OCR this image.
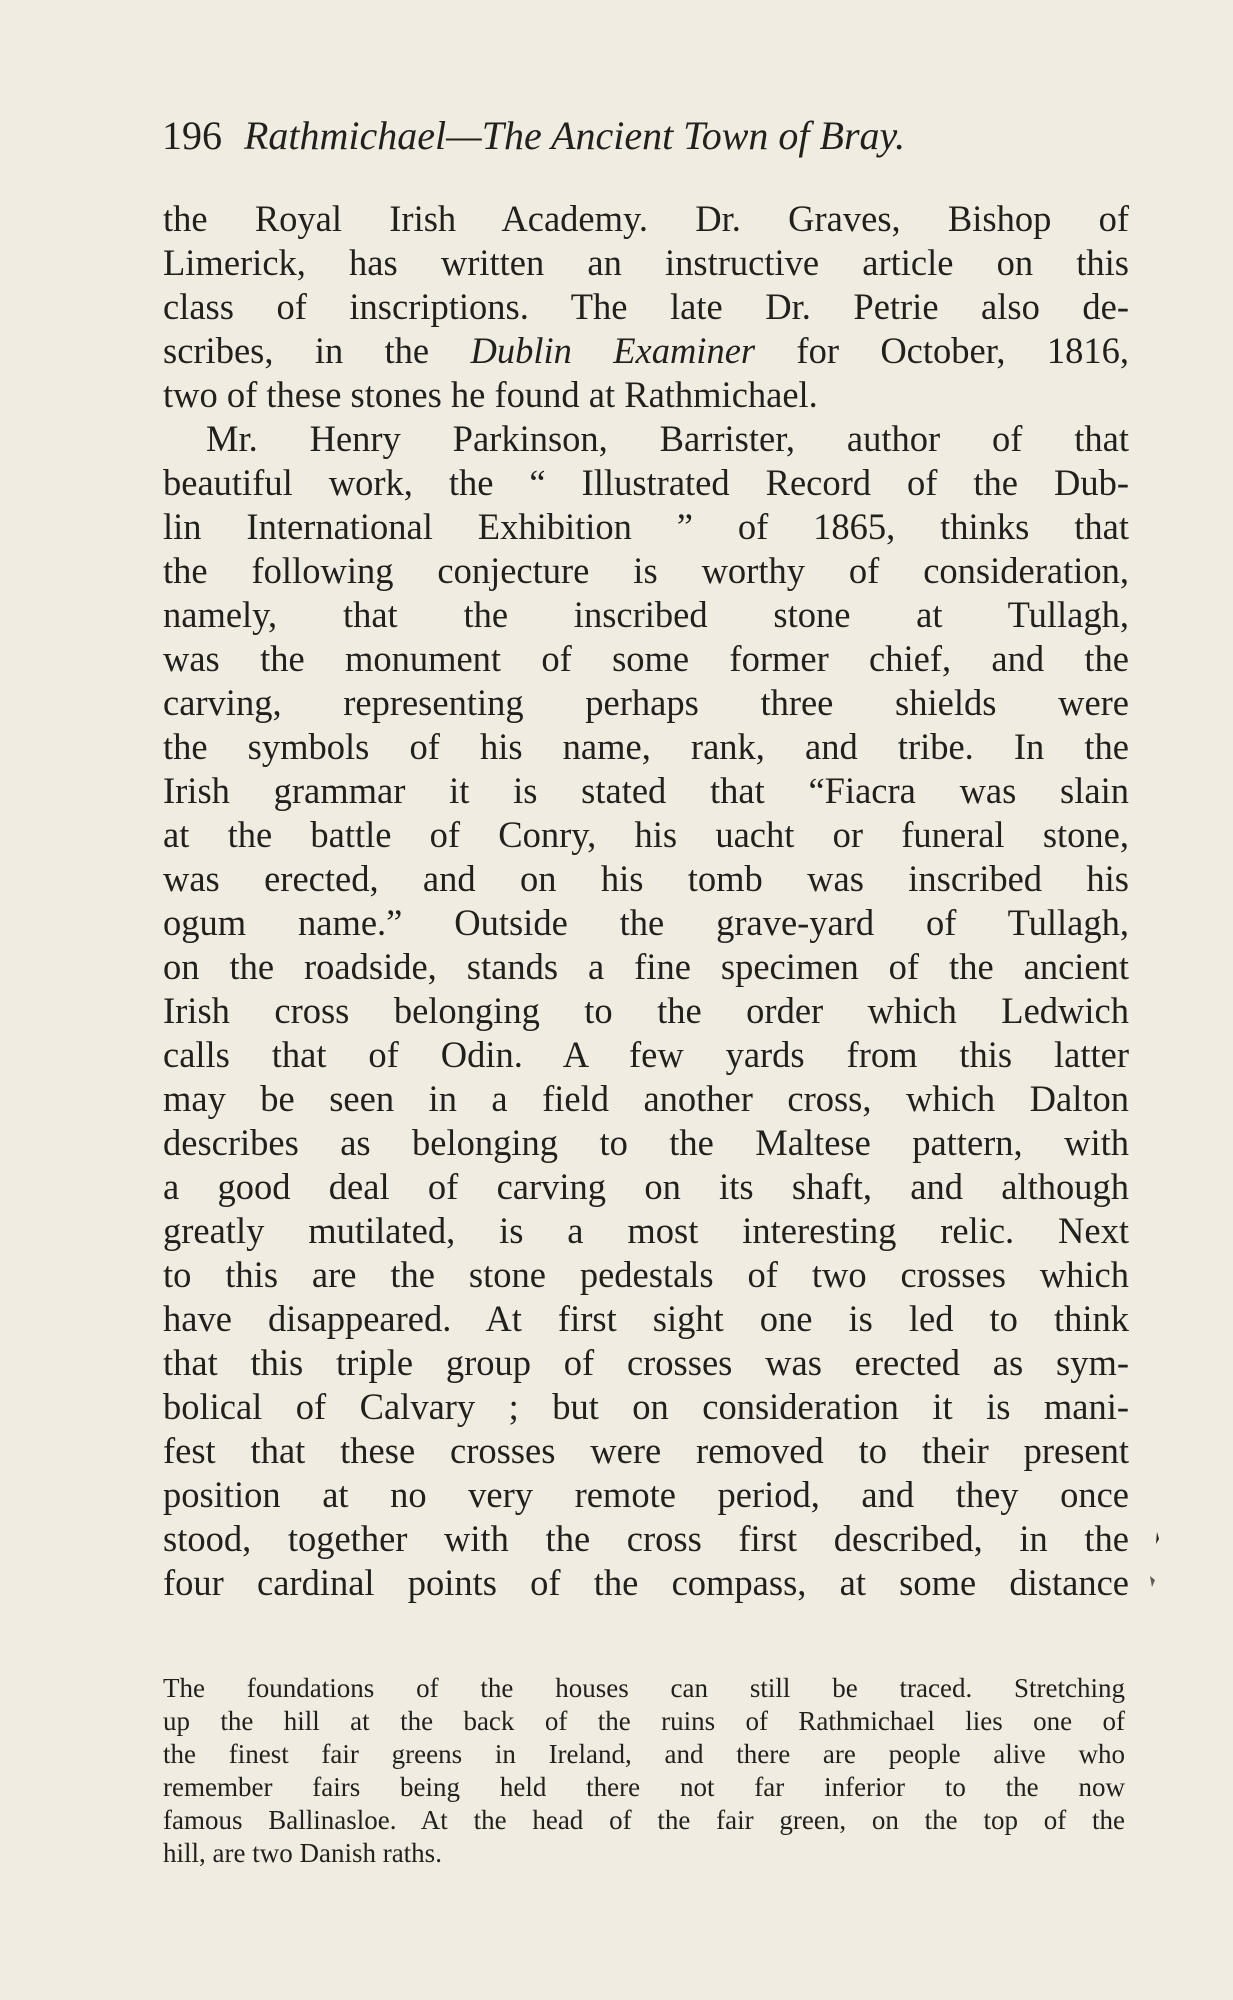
196 Rathmichael—The Ancient Town of Bray.
the Royal Irish Academy. Dr. Graves, Bishop of
Limerick, has written an instructive article on this
class of inscriptions. The late Dr. Petrie also de-
scribes, in the Dublin Examiner for October, 1816,
two of these stones he found at Rathmichael.
Mr. Henry Parkinson, Barrister, author of that
beautiful work, the “ Illustrated Record of the Dub-
lin International Exhibition ” of 1865, thinks that
the following conjecture is worthy of consideration,
namely, that the inscribed stone at Tullagh,
was the monument of some former chief, and the
carving, representing perhaps three shields were
the symbols of his name, rank, and tribe. In the
Irish grammar it is stated that “Fiacra was slain
at the battle of Conry, his uacht or funeral stone,
was erected, and on his tomb was inscribed his
ogum name.” Outside the grave-yard of Tullagh,
on the roadside, stands a fine specimen of the ancient
Irish cross belonging to the order which Ledwich
calls that of Odin. A few yards from this latter
may be seen in a field another cross, which Dalton
describes as belonging to the Maltese pattern, with
a good deal of carving on its shaft, and although
greatly mutilated, is a most interesting relic. Next
to this are the stone pedestals of two crosses which
have disappeared. At first sight one is led to think
that this triple group of crosses was erected as sym-
bolical of Calvary ; but on consideration it is mani-
fest that these crosses were removed to their present
position at no very remote period, and they once
stood, together with the cross first described, in the
four cardinal points of the compass, at some distance
The foundations of the houses can still be traced. Stretching
up the hill at the back of the ruins of Rathmichael lies one of
the finest fair greens in Ireland, and there are people alive who
remember fairs being held there not far inferior to the now
famous Ballinasloe. At the head of the fair green, on the top of the
hill, are two Danish raths.
